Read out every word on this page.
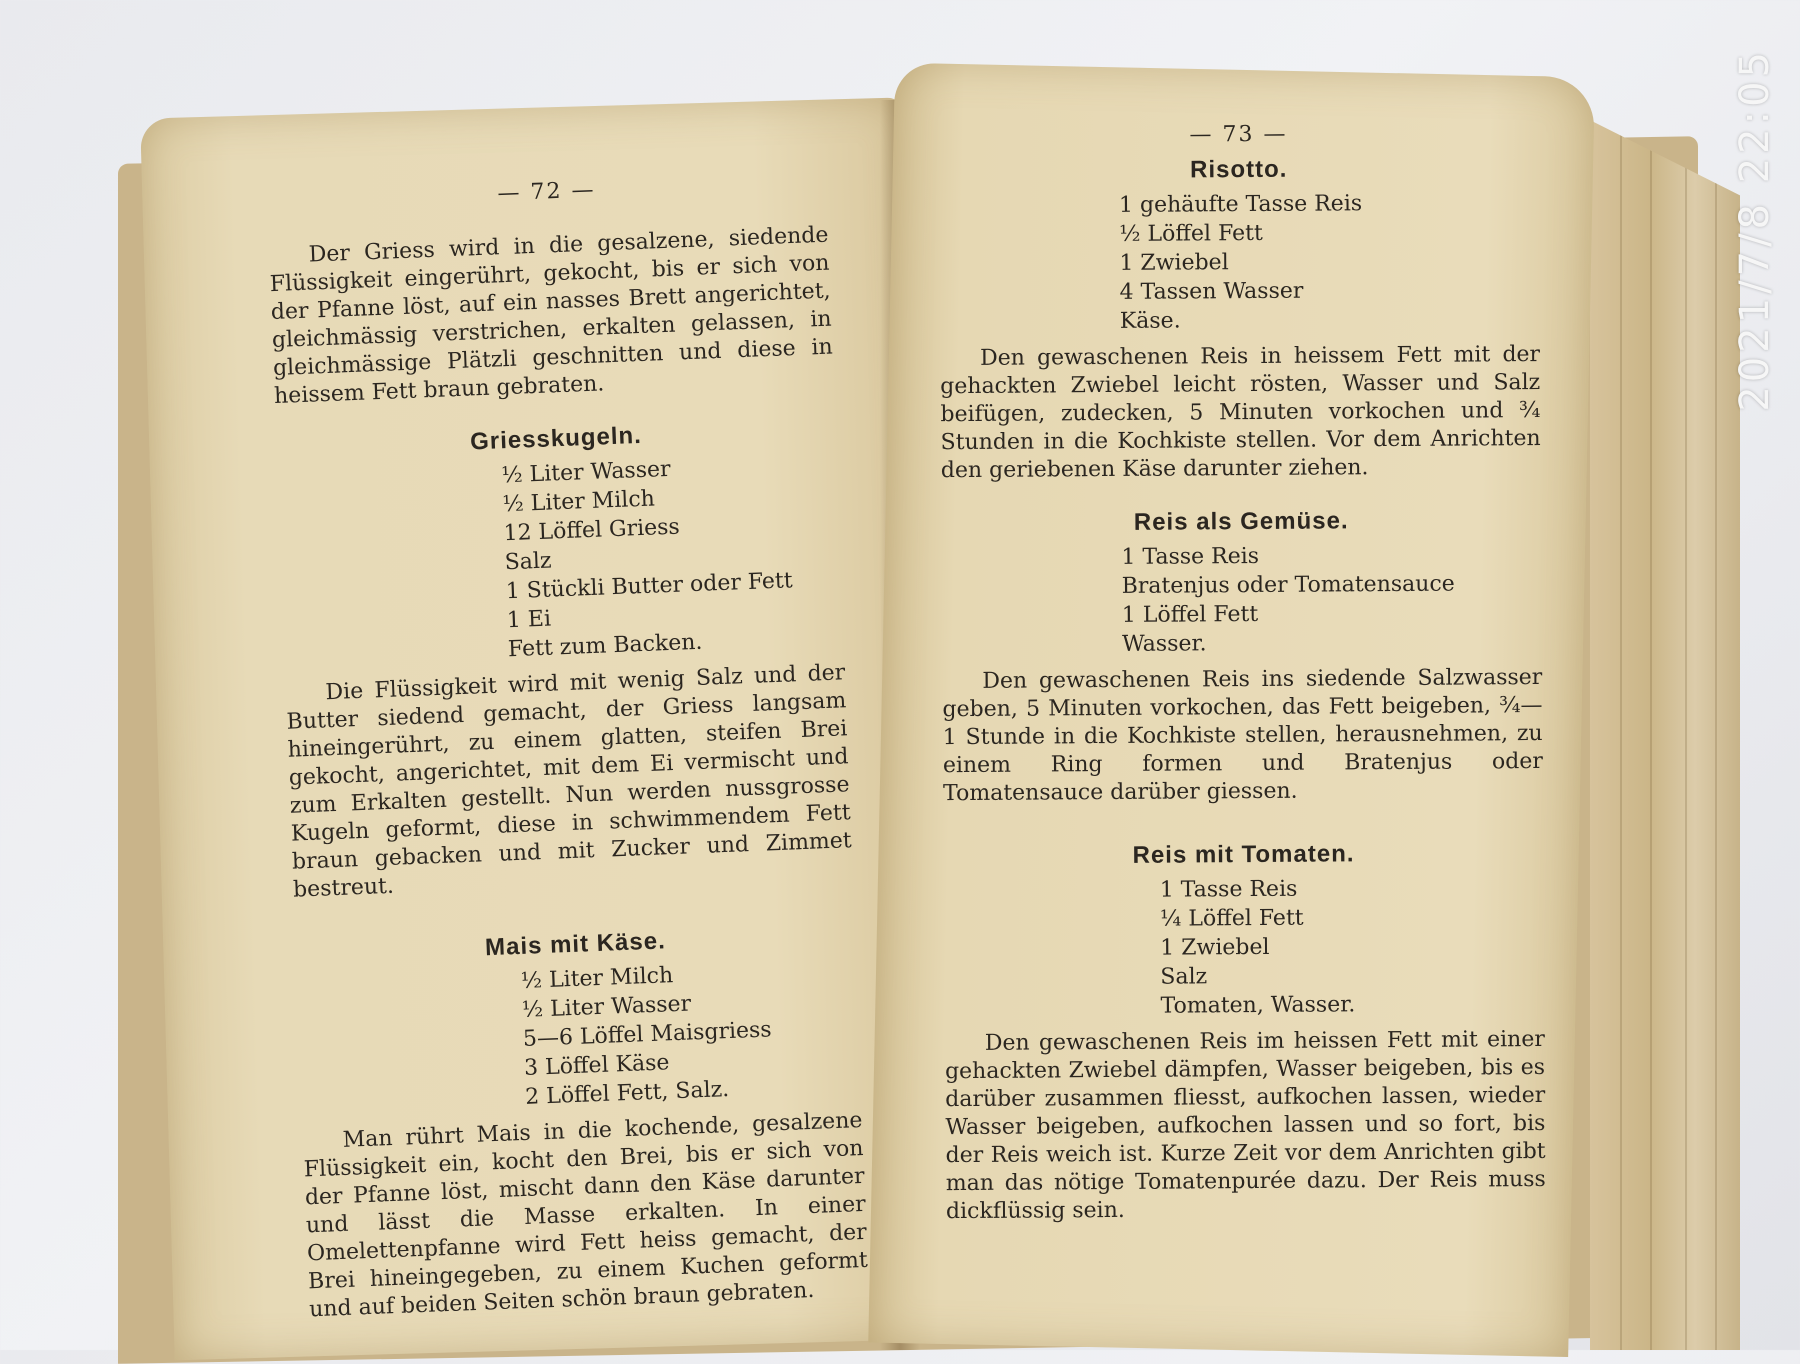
— 72 —

Der Griess wird in die gesalzene, siedende Flüssigkeit eingerührt, gekocht, bis er sich von der Pfanne löst, auf ein nasses Brett angerichtet, gleichmässig verstrichen, erkalten gelassen, in gleichmässige Plätzli geschnitten und diese in heissem Fett braun gebraten.

Griesskugeln.
½ Liter Wasser
½ Liter Milch
12 Löffel Griess
Salz
1 Stückli Butter oder Fett
1 Ei
Fett zum Backen.

Die Flüssigkeit wird mit wenig Salz und der Butter siedend gemacht, der Griess langsam hineingerührt, zu einem glatten, steifen Brei gekocht, angerichtet, mit dem Ei vermischt und zum Erkalten gestellt. Nun werden nussgrosse Kugeln geformt, diese in schwimmendem Fett braun gebacken und mit Zucker und Zimmet bestreut.

Mais mit Käse.
½ Liter Milch
½ Liter Wasser
5—6 Löffel Maisgriess
3 Löffel Käse
2 Löffel Fett, Salz.

Man rührt Mais in die kochende, gesalzene Flüssigkeit ein, kocht den Brei, bis er sich von der Pfanne löst, mischt dann den Käse darunter und lässt die Masse erkalten. In einer Omelettenpfanne wird Fett heiss gemacht, der Brei hineingegeben, zu einem Kuchen geformt und auf beiden Seiten schön braun gebraten.

— 73 —
Risotto.
1 gehäufte Tasse Reis
½ Löffel Fett
1 Zwiebel
4 Tassen Wasser
Käse.

Den gewaschenen Reis in heissem Fett mit der gehackten Zwiebel leicht rösten, Wasser und Salz beifügen, zudecken, 5 Minuten vorkochen und ¾ Stunden in die Kochkiste stellen. Vor dem Anrichten den geriebenen Käse darunter ziehen.

Reis als Gemüse.
1 Tasse Reis
Bratenjus oder Tomatensauce
1 Löffel Fett
Wasser.

Den gewaschenen Reis ins siedende Salzwasser geben, 5 Minuten vorkochen, das Fett beigeben, ¾—1 Stunde in die Kochkiste stellen, herausnehmen, zu einem Ring formen und Bratenjus oder Tomatensauce darüber giessen.

Reis mit Tomaten.
1 Tasse Reis
¼ Löffel Fett
1 Zwiebel
Salz
Tomaten, Wasser.

Den gewaschenen Reis im heissen Fett mit einer gehackten Zwiebel dämpfen, Wasser beigeben, bis es darüber zusammen fliesst, aufkochen lassen, wieder Wasser beigeben, aufkochen lassen und so fort, bis der Reis weich ist. Kurze Zeit vor dem Anrichten gibt man das nötige Tomatenpurée dazu. Der Reis muss dickflüssig sein.

2021/7/8 22:05
